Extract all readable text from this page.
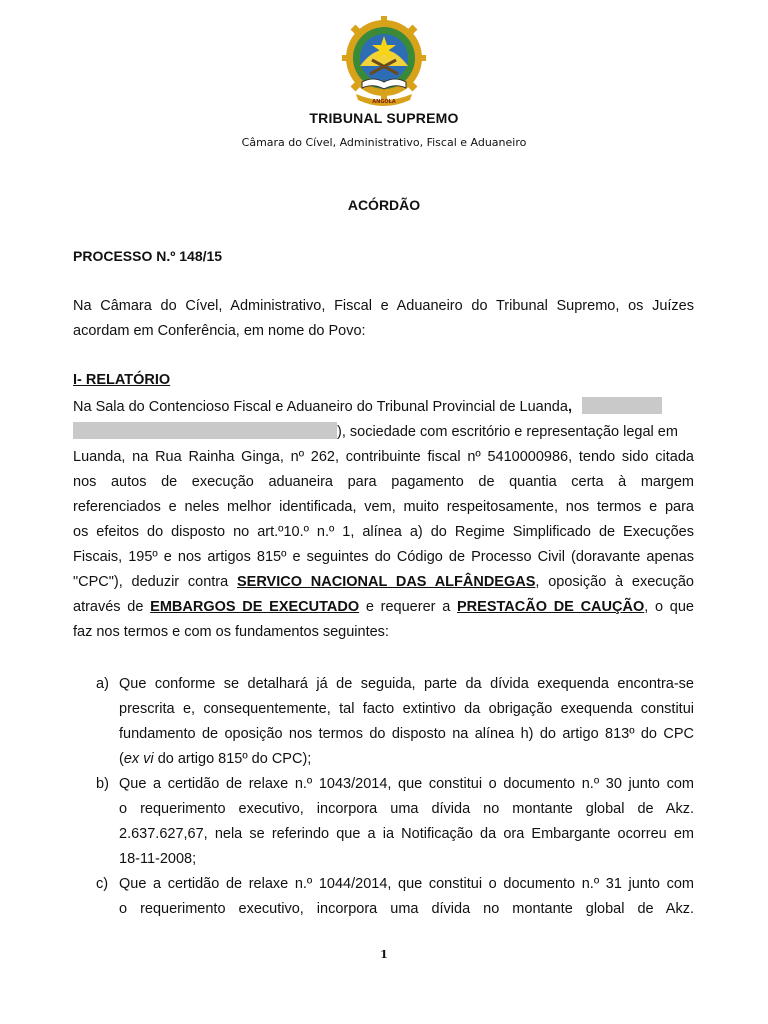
ANGOLA
TRIBUNAL SUPREMO
Câmara do Cível, Administrativo, Fiscal e Aduaneiro
ACÓRDÃO
PROCESSO N.º 148/15
Na Câmara do Cível, Administrativo, Fiscal e Aduaneiro do Tribunal Supremo, os Juízes
acordam em Conferência, em nome do Povo:
I- RELATÓRIO
Na Sala do Contencioso Fiscal e Aduaneiro do Tribunal Provincial de Luanda,
), sociedade com escritório e representação legal em
Luanda, na Rua Rainha Ginga, nº 262, contribuinte fiscal nº 5410000986, tendo sido citada
nos autos de execução aduaneira para pagamento de quantia certa à margem
referenciados e neles melhor identificada, vem, muito respeitosamente, nos termos e para
os efeitos do disposto no art.º10.º n.º 1, alínea a) do Regime Simplificado de Execuções
Fiscais, 195º e nos artigos 815º e seguintes do Código de Processo Civil (doravante apenas
"CPC"), deduzir contra SERVICO NACIONAL DAS ALFÂNDEGAS, oposição à execução
através de EMBARGOS DE EXECUTADO e requerer a PRESTACÃO DE CAUÇÃO, o que
faz nos termos e com os fundamentos seguintes:
a) Que conforme se detalhará já de seguida, parte da dívida exequenda encontra-se
prescrita e, consequentemente, tal facto extintivo da obrigação exequenda constitui
fundamento de oposição nos termos do disposto na alínea h) do artigo 813º do CPC
(ex vi do artigo 815º do CPC);
b) Que a certidão de relaxe n.º 1043/2014, que constitui o documento n.º 30 junto com
o requerimento executivo, incorpora uma dívida no montante global de Akz.
2.637.627,67, nela se referindo que a ia Notificação da ora Embargante ocorreu em
18-11-2008;
c) Que a certidão de relaxe n.º 1044/2014, que constitui o documento n.º 31 junto com
o requerimento executivo, incorpora uma dívida no montante global de Akz.
1
